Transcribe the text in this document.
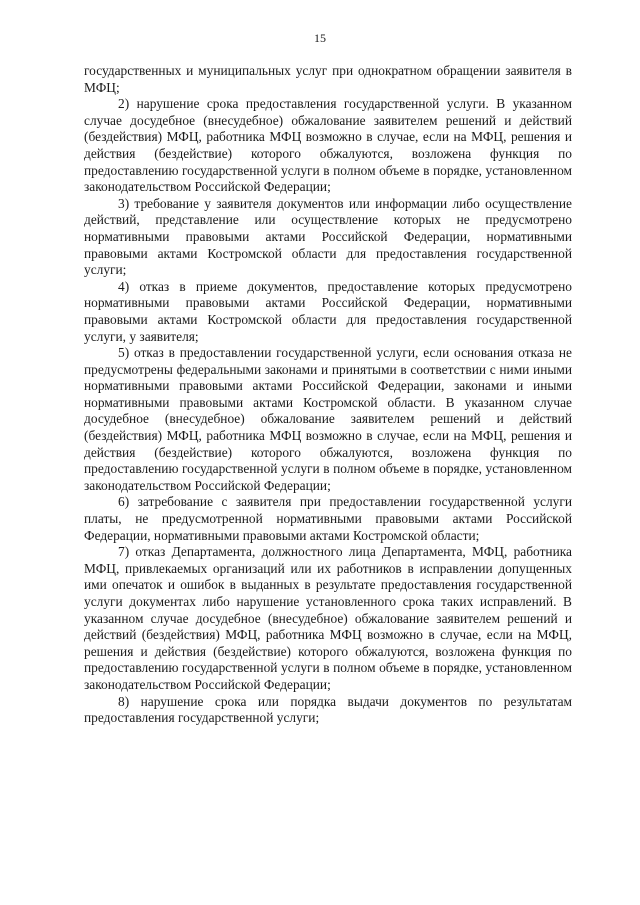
15

государственных и муниципальных услуг при однократном обращении заявителя в МФЦ;

2) нарушение срока предоставления государственной услуги. В указанном случае досудебное (внесудебное) обжалование заявителем решений и действий (бездействия) МФЦ, работника МФЦ возможно в случае, если на МФЦ, решения и действия (бездействие) которого обжалуются, возложена функция по предоставлению государственной услуги в полном объеме в порядке, установленном законодательством Российской Федерации;

3) требование у заявителя документов или информации либо осуществление действий, представление или осуществление которых не предусмотрено нормативными правовыми актами Российской Федерации, нормативными правовыми актами Костромской области для предоставления государственной услуги;

4) отказ в приеме документов, предоставление которых предусмотрено нормативными правовыми актами Российской Федерации, нормативными правовыми актами Костромской области для предоставления государственной услуги, у заявителя;

5) отказ в предоставлении государственной услуги, если основания отказа не предусмотрены федеральными законами и принятыми в соответствии с ними иными нормативными правовыми актами Российской Федерации, законами и иными нормативными правовыми актами Костромской области. В указанном случае досудебное (внесудебное) обжалование заявителем решений и действий (бездействия) МФЦ, работника МФЦ возможно в случае, если на МФЦ, решения и действия (бездействие) которого обжалуются, возложена функция по предоставлению государственной услуги в полном объеме в порядке, установленном законодательством Российской Федерации;

6) затребование с заявителя при предоставлении государственной услуги платы, не предусмотренной нормативными правовыми актами Российской Федерации, нормативными правовыми актами Костромской области;

7) отказ Департамента, должностного лица Департамента, МФЦ, работника МФЦ, привлекаемых организаций или их работников в исправлении допущенных ими опечаток и ошибок в выданных в результате предоставления государственной услуги документах либо нарушение установленного срока таких исправлений. В указанном случае досудебное (внесудебное) обжалование заявителем решений и действий (бездействия) МФЦ, работника МФЦ возможно в случае, если на МФЦ, решения и действия (бездействие) которого обжалуются, возложена функция по предоставлению государственной услуги в полном объеме в порядке, установленном законодательством Российской Федерации;

8) нарушение срока или порядка выдачи документов по результатам предоставления государственной услуги;
